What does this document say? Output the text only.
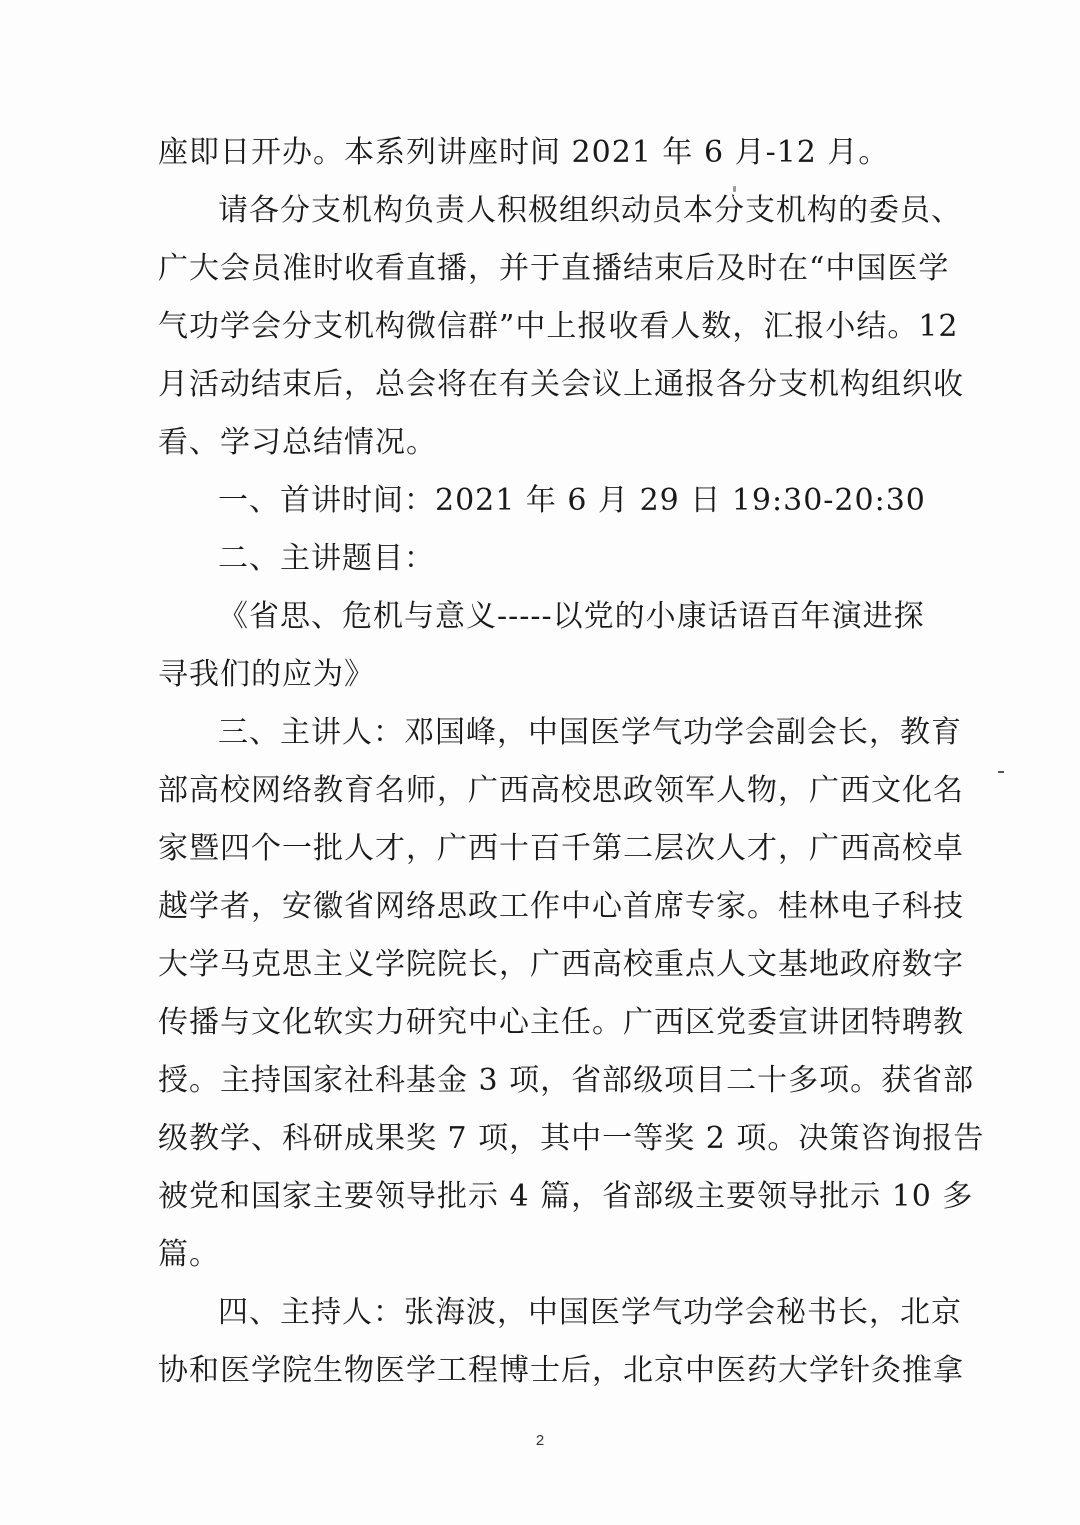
座即日开办。本系列讲座时间 2021 年 6 月-12 月。
请各分支机构负责人积极组织动员本分支机构的委员、
广大会员准时收看直播，并于直播结束后及时在“中国医学
气功学会分支机构微信群”中上报收看人数，汇报小结。12
月活动结束后，总会将在有关会议上通报各分支机构组织收
看、学习总结情况。
一、首讲时间：2021 年 6 月 29 日 19:30-20:30
二、主讲题目：
《省思、危机与意义-----以党的小康话语百年演进探
寻我们的应为》
三、主讲人：邓国峰，中国医学气功学会副会长，教育
部高校网络教育名师，广西高校思政领军人物，广西文化名
家暨四个一批人才，广西十百千第二层次人才，广西高校卓
越学者，安徽省网络思政工作中心首席专家。桂林电子科技
大学马克思主义学院院长，广西高校重点人文基地政府数字
传播与文化软实力研究中心主任。广西区党委宣讲团特聘教
授。主持国家社科基金 3 项，省部级项目二十多项。获省部
级教学、科研成果奖 7 项，其中一等奖 2 项。决策咨询报告
被党和国家主要领导批示 4 篇，省部级主要领导批示 10 多
篇。
四、主持人：张海波，中国医学气功学会秘书长，北京
协和医学院生物医学工程博士后，北京中医药大学针灸推拿
2
